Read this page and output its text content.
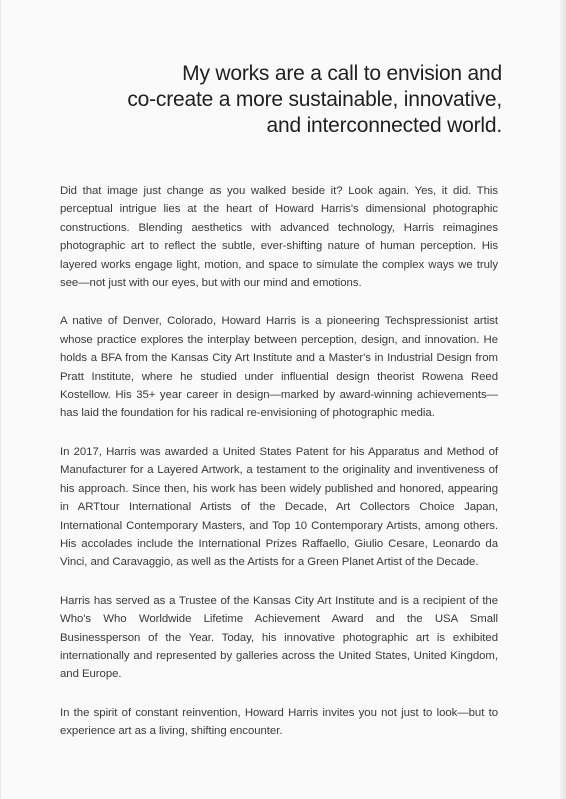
My works are a call to envision and
co-create a more sustainable, innovative,
and interconnected world.

Did that image just change as you walked beside it? Look again. Yes, it did. This perceptual intrigue lies at the heart of Howard Harris's dimensional photographic constructions. Blending aesthetics with advanced technology, Harris reimagines photographic art to reflect the subtle, ever-shifting nature of human perception. His layered works engage light, motion, and space to simulate the complex ways we truly see—not just with our eyes, but with our mind and emotions.

A native of Denver, Colorado, Howard Harris is a pioneering Techspressionist artist whose practice explores the interplay between perception, design, and innovation. He holds a BFA from the Kansas City Art Institute and a Master's in Industrial Design from Pratt Institute, where he studied under influential design theorist Rowena Reed Kostellow. His 35+ year career in design—marked by award-winning achievements—has laid the foundation for his radical re-envisioning of photographic media.

In 2017, Harris was awarded a United States Patent for his Apparatus and Method of Manufacturer for a Layered Artwork, a testament to the originality and inventiveness of his approach. Since then, his work has been widely published and honored, appearing in ARTtour International Artists of the Decade, Art Collectors Choice Japan, International Contemporary Masters, and Top 10 Contemporary Artists, among others. His accolades include the International Prizes Raffaello, Giulio Cesare, Leonardo da Vinci, and Caravaggio, as well as the Artists for a Green Planet Artist of the Decade.

Harris has served as a Trustee of the Kansas City Art Institute and is a recipient of the Who's Who Worldwide Lifetime Achievement Award and the USA Small Businessperson of the Year. Today, his innovative photographic art is exhibited internationally and represented by galleries across the United States, United Kingdom, and Europe.

In the spirit of constant reinvention, Howard Harris invites you not just to look—but to experience art as a living, shifting encounter.
